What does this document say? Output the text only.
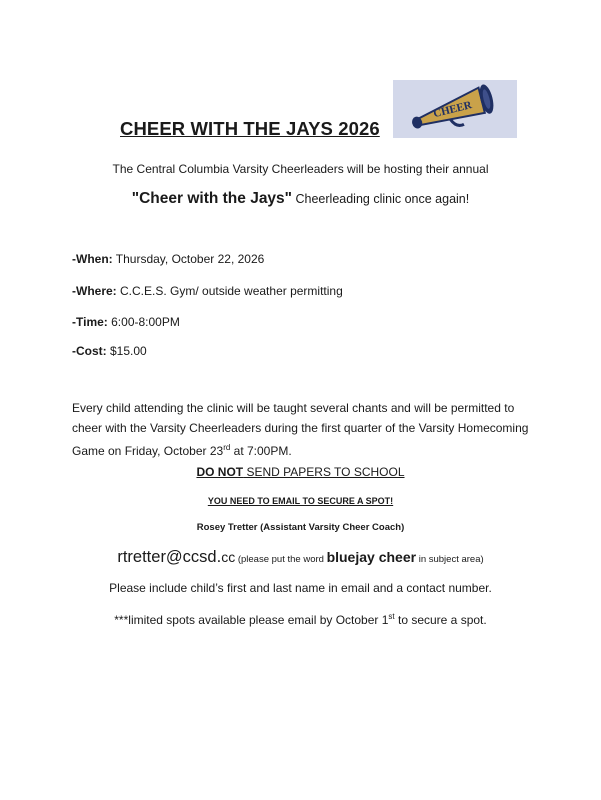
CHEER WITH THE JAYS 2026
CHEER
The Central Columbia Varsity Cheerleaders will be hosting their annual
"Cheer with the Jays" Cheerleading clinic once again!
-When: Thursday, October 22, 2026
-Where: C.C.E.S. Gym/ outside weather permitting
-Time: 6:00-8:00PM
-Cost: $15.00
Every child attending the clinic will be taught several chants and will be permitted to cheer with the Varsity Cheerleaders during the first quarter of the Varsity Homecoming Game on Friday, October 23rd at 7:00PM.
DO NOT SEND PAPERS TO SCHOOL
YOU NEED TO EMAIL TO SECURE A SPOT!
Rosey Tretter (Assistant Varsity Cheer Coach)
rtretter@ccsd.cc (please put the word bluejay cheer in subject area)
Please include child’s first and last name in email and a contact number.
***limited spots available please email by October 1st to secure a spot.
